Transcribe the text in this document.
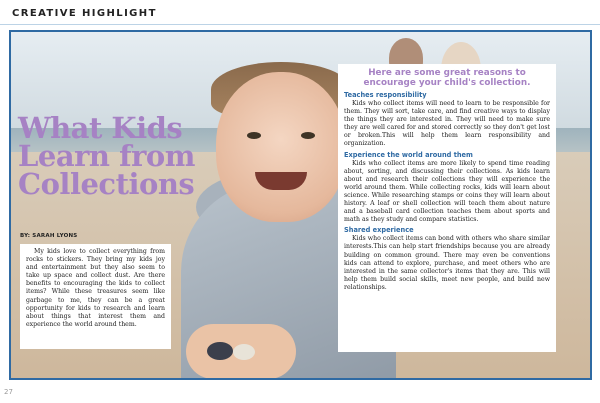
CREATIVE HIGHLIGHT
What Kids Learn from Collections
BY: SARAH LYONS
My kids love to collect everything from rocks to stickers. They bring my kids joy and entertainment but they also seem to take up space and collect dust. Are there benefits to encouraging the kids to collect items? While these treasures seem like garbage to me, they can be a great opportunity for kids to research and learn about things that interest them and experience the world around them.
Here are some great reasons to encourage your child's collection.
Teaches responsibility
Kids who collect items will need to learn to be responsible for them. They will sort, take care, and find creative ways to display the things they are interested in. They will need to make sure they are well cared for and stored correctly so they don't get lost or broken.This will help them learn responsibility and organization.
Experience the world around them
Kids who collect items are more likely to spend time reading about, sorting, and discussing their collections. As kids learn about and research their collections they will experience the world around them. While collecting rocks, kids will learn about science. While researching stamps or coins they will learn about history. A leaf or shell collection will teach them about nature and a baseball card collection teaches them about sports and math as they study and compare statistics.
Shared experience
Kids who collect items can bond with others who share similar interests.This can help start friendships because you are already building on common ground. There may even be conventions kids can attend to explore, purchase, and meet others who are interested in the same collector's items that they are. This will help them build social skills, meet new people, and build new relationships.
27
